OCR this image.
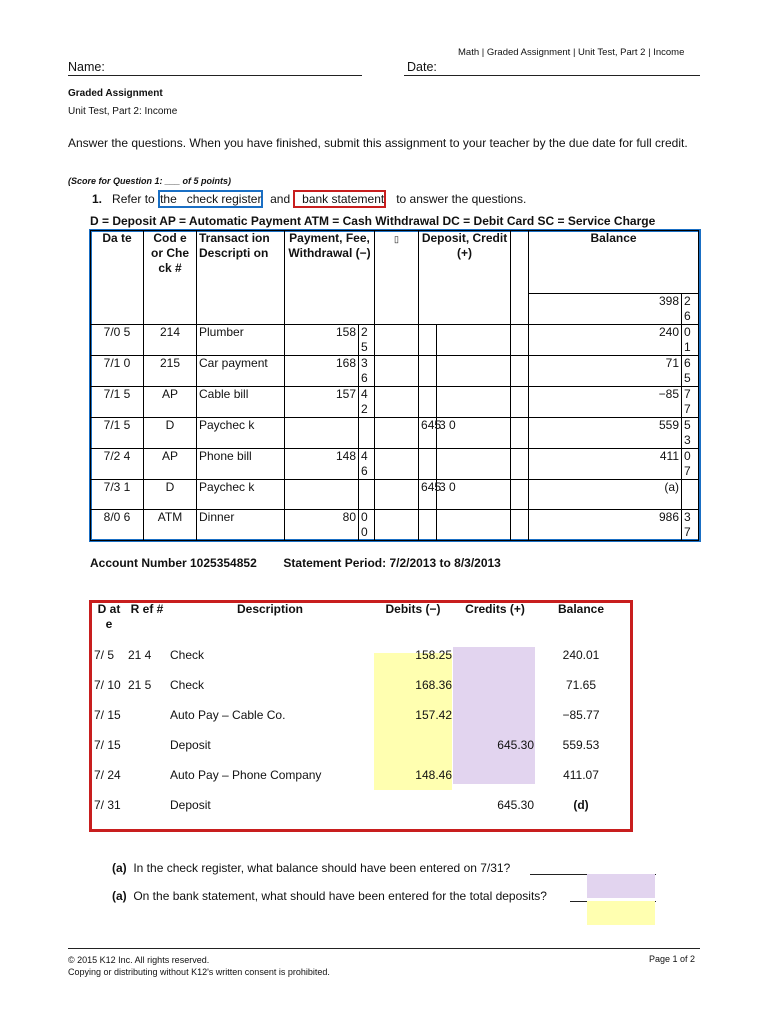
Math | Graded Assignment | Unit Test, Part 2 | Income
Name:	Date:
Graded Assignment
Unit Test, Part 2: Income
Answer the questions. When you have finished, submit this assignment to your teacher by the due date for full credit.
(Score for Question 1: ___ of 5 points)
1. Refer to the   check register  and   bank statement   to answer the questions.
D = Deposit AP = Automatic Payment ATM = Cash Withdrawal DC = Debit Card SC = Service Charge
Da te	Cod e or Che ck #	Transact ion Descripti on	Payment, Fee, Withdrawal (−)		▯	Deposit, Credit (+)			Balance	
									398	2 6
7/0 5	214	Plumber	158	2 5					240	0 1
7/1 0	215	Car payment	168	3 6					71	6 5
7/1 5	AP	Cable bill	157	4 2					−85	7 7
7/1 5	D	Paychec k				645	3 0		559	5 3
7/2 4	AP	Phone bill	148	4 6					411	0 7
7/3 1	D	Paychec k				645	3 0		(a)	
8/0 6	ATM	Dinner	80	0 0					986	3 7
Account Number 1025354852        Statement Period: 7/2/2013 to 8/3/2013
D at e	R ef #	Description	Debits (−)	Credits (+)	Balance
7/ 5	21 4	Check	158.25		240.01
7/ 10	21 5	Check	168.36		71.65
7/ 15		Auto Pay – Cable Co.	157.42		−85.77
7/ 15		Deposit		645.30	559.53
7/ 24		Auto Pay – Phone Company	148.46		411.07
7/ 31		Deposit		645.30	(d)
(a) In the check register, what balance should have been entered on 7/31?
(a) On the bank statement, what should have been entered for the total deposits?
© 2015 K12 Inc. All rights reserved.
Copying or distributing without K12's written consent is prohibited.
Page 1 of 2
